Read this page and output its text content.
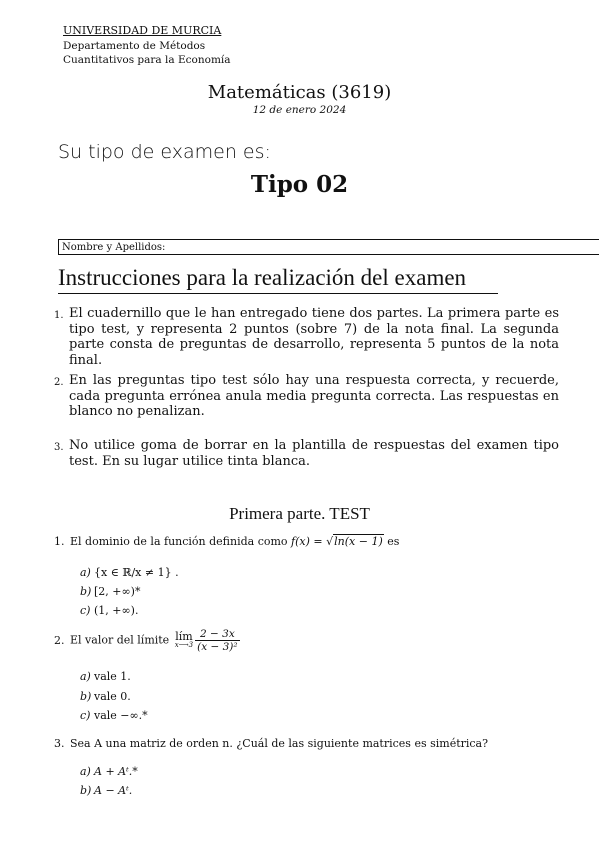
UNIVERSIDAD DE MURCIA
Departamento de Métodos
Cuantitativos para la Economía
Matemáticas (3619)
12 de enero 2024
Su tipo de examen es:
Tipo 02
Nombre y Apellidos:
Instrucciones para la realización del examen
1. El cuadernillo que le han entregado tiene dos partes. La primera parte es tipo test, y representa 2 puntos (sobre 7) de la nota final. La segunda parte consta de preguntas de desarrollo, representa 5 puntos de la nota final.
2. En las preguntas tipo test sólo hay una respuesta correcta, y recuerde, cada pregunta errónea anula media pregunta correcta. Las respuestas en blanco no penalizan.
3. No utilice goma de borrar en la plantilla de respuestas del examen tipo test. En su lugar utilice tinta blanca.
Primera parte. TEST
1. El dominio de la función definida como f(x) = √ln(x − 1) es
a) {x ∈ ℝ/x ≠ 1} .
b) [2, +∞)*
c) (1, +∞).
2. El valor del límite lím
x⟶3 $\frac{2 - 3x}{\text{(x − 3)²}}$
a) vale 1.
b) vale 0.
c) vale −∞.*
3. Sea A una matriz de orden n. ¿Cuál de las siguiente matrices es simétrica?
a) A + Aᵗ.*
b) A − Aᵗ.
